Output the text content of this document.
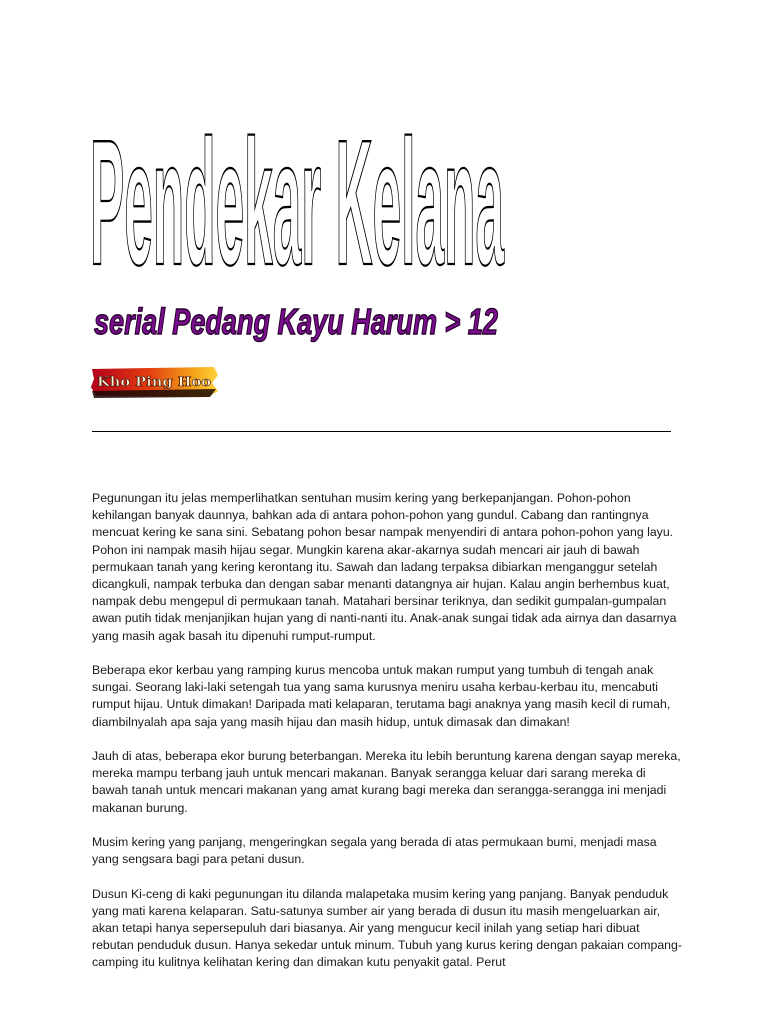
Pendekar Kelana
serial Pedang Kayu Harum > 12
Kho Ping Hoo

Pegunungan itu jelas memperlihatkan sentuhan musim kering yang berkepanjangan. Pohon-pohon kehilangan banyak daunnya, bahkan ada di antara pohon-pohon yang gundul. Cabang dan rantingnya mencuat kering ke sana sini. Sebatang pohon besar nampak menyendiri di antara pohon-pohon yang layu. Pohon ini nampak masih hijau segar. Mungkin karena akar-akarnya sudah mencari air jauh di bawah permukaan tanah yang kering kerontang itu. Sawah dan ladang terpaksa dibiarkan menganggur setelah dicangkuli, nampak terbuka dan dengan sabar menanti datangnya air hujan. Kalau angin berhembus kuat, nampak debu mengepul di permukaan tanah. Matahari bersinar teriknya, dan sedikit gumpalan-gumpalan awan putih tidak menjanjikan hujan yang di nanti-nanti itu. Anak-anak sungai tidak ada airnya dan dasarnya yang masih agak basah itu dipenuhi rumput-rumput.

Beberapa ekor kerbau yang ramping kurus mencoba untuk makan rumput yang tumbuh di tengah anak sungai. Seorang laki-laki setengah tua yang sama kurusnya meniru usaha kerbau-kerbau itu, mencabuti rumput hijau. Untuk dimakan! Daripada mati kelaparan, terutama bagi anaknya yang masih kecil di rumah, diambilnyalah apa saja yang masih hijau dan masih hidup, untuk dimasak dan dimakan!

Jauh di atas, beberapa ekor burung beterbangan. Mereka itu lebih beruntung karena dengan sayap mereka, mereka mampu terbang jauh untuk mencari makanan. Banyak serangga keluar dari sarang mereka di bawah tanah untuk mencari makanan yang amat kurang bagi mereka dan serangga-serangga ini menjadi makanan burung.

Musim kering yang panjang, mengeringkan segala yang berada di atas permukaan bumi, menjadi masa yang sengsara bagi para petani dusun.

Dusun Ki-ceng di kaki pegunungan itu dilanda malapetaka musim kering yang panjang. Banyak penduduk yang mati karena kelaparan. Satu-satunya sumber air yang berada di dusun itu masih mengeluarkan air, akan tetapi hanya sepersepuluh dari biasanya. Air yang mengucur kecil inilah yang setiap hari dibuat rebutan penduduk dusun. Hanya sekedar untuk minum. Tubuh yang kurus kering dengan pakaian compang-camping itu kulitnya kelihatan kering dan dimakan kutu penyakit gatal. Perut
